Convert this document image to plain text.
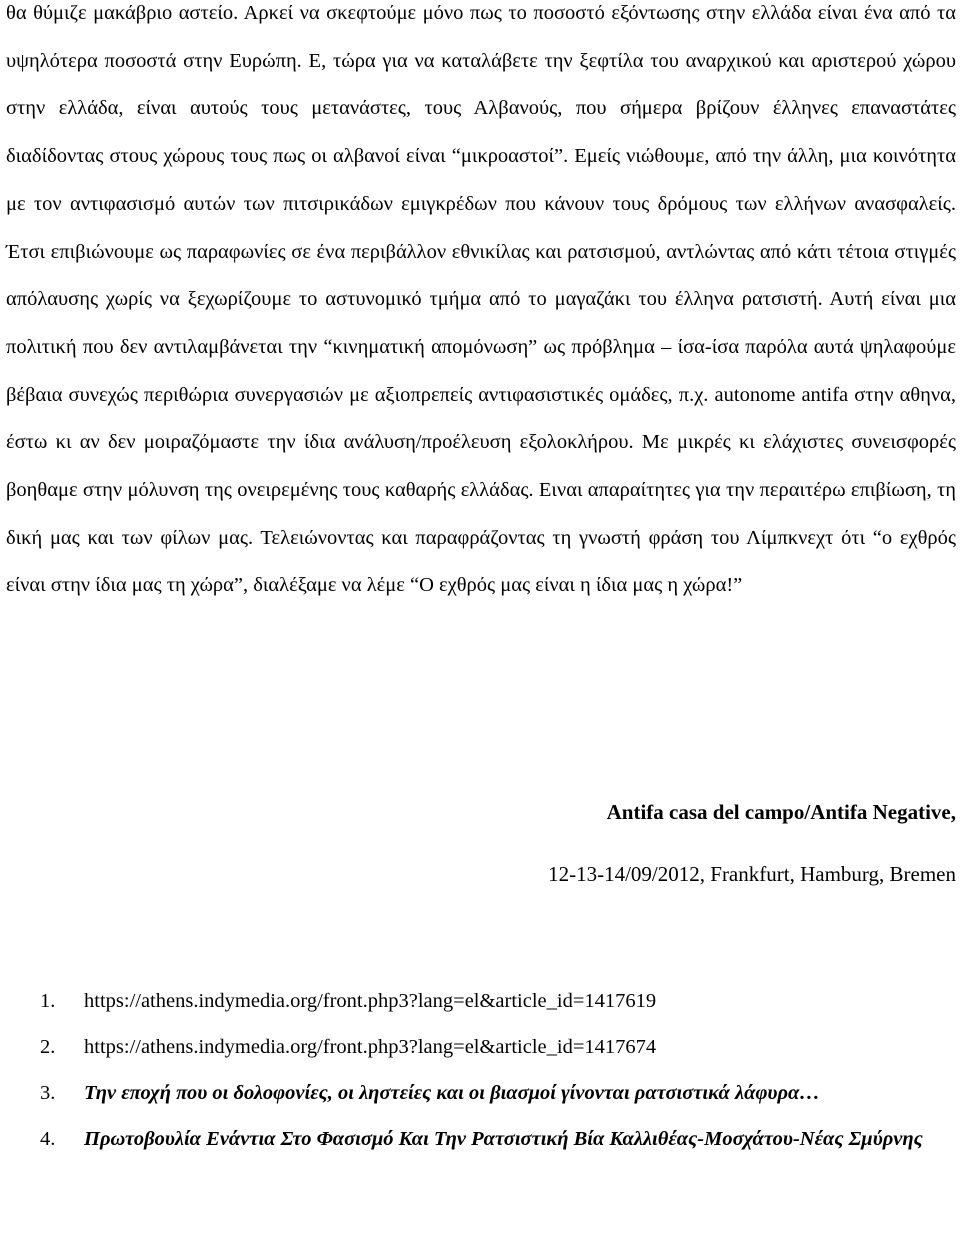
θα θύμιζε μακάβριο αστείο. Αρκεί να σκεφτούμε μόνο πως το ποσοστό εξόντωσης στην ελλάδα είναι ένα από τα υψηλότερα ποσοστά στην Ευρώπη. Ε, τώρα για να καταλάβετε την ξεφτίλα του αναρχικού και αριστερού χώρου στην ελλάδα, είναι αυτούς τους μετανάστες, τους Αλβανούς, που σήμερα βρίζουν έλληνες επαναστάτες διαδίδοντας στους χώρους τους πως οι αλβανοί είναι “μικροαστοί”. Εμείς νιώθουμε, από την άλλη, μια κοινότητα με τον αντιφασισμό αυτών των πιτσιρικάδων εμιγκρέδων που κάνουν τους δρόμους των ελλήνων ανασφαλείς. Έτσι επιβιώνουμε ως παραφωνίες σε ένα περιβάλλον εθνικίλας και ρατσισμού, αντλώντας από κάτι τέτοια στιγμές απόλαυσης χωρίς να ξεχωρίζουμε το αστυνομικό τμήμα από το μαγαζάκι του έλληνα ρατσιστή. Αυτή είναι μια πολιτική που δεν αντιλαμβάνεται την “κινηματική απομόνωση” ως πρόβλημα – ίσα-ίσα παρόλα αυτά ψηλαφούμε βέβαια συνεχώς περιθώρια συνεργασιών με αξιοπρεπείς αντιφασιστικές ομάδες, π.χ. autonome antifa στην αθηνα, έστω κι αν δεν μοιραζόμαστε την ίδια ανάλυση/προέλευση εξολοκλήρου. Με μικρές κι ελάχιστες συνεισφορές βοηθαμε στην μόλυνση της ονειρεμένης τους καθαρής ελλάδας. Ειναι απαραίτητες για την περαιτέρω επιβίωση, τη δική μας και των φίλων μας. Τελειώνοντας και παραφράζοντας τη γνωστή φράση του Λίμπκνεχτ ότι “ο εχθρός είναι στην ίδια μας τη χώρα”, διαλέξαμε να λέμε “Ο εχθρός μας είναι η ίδια μας η χώρα!”

Antifa casa del campo/Antifa Negative,
12-13-14/09/2012, Frankfurt, Hamburg, Bremen
1. https://athens.indymedia.org/front.php3?lang=el&article_id=1417619
2. https://athens.indymedia.org/front.php3?lang=el&article_id=1417674
3. Την εποχή που οι δολοφονίες, οι ληστείες και οι βιασμοί γίνονται ρατσιστικά λάφυρα…
4. Πρωτοβουλία Ενάντια Στο Φασισμό Και Την Ρατσιστική Βία Καλλιθέας-Μοσχάτου-Νέας Σμύρνης
